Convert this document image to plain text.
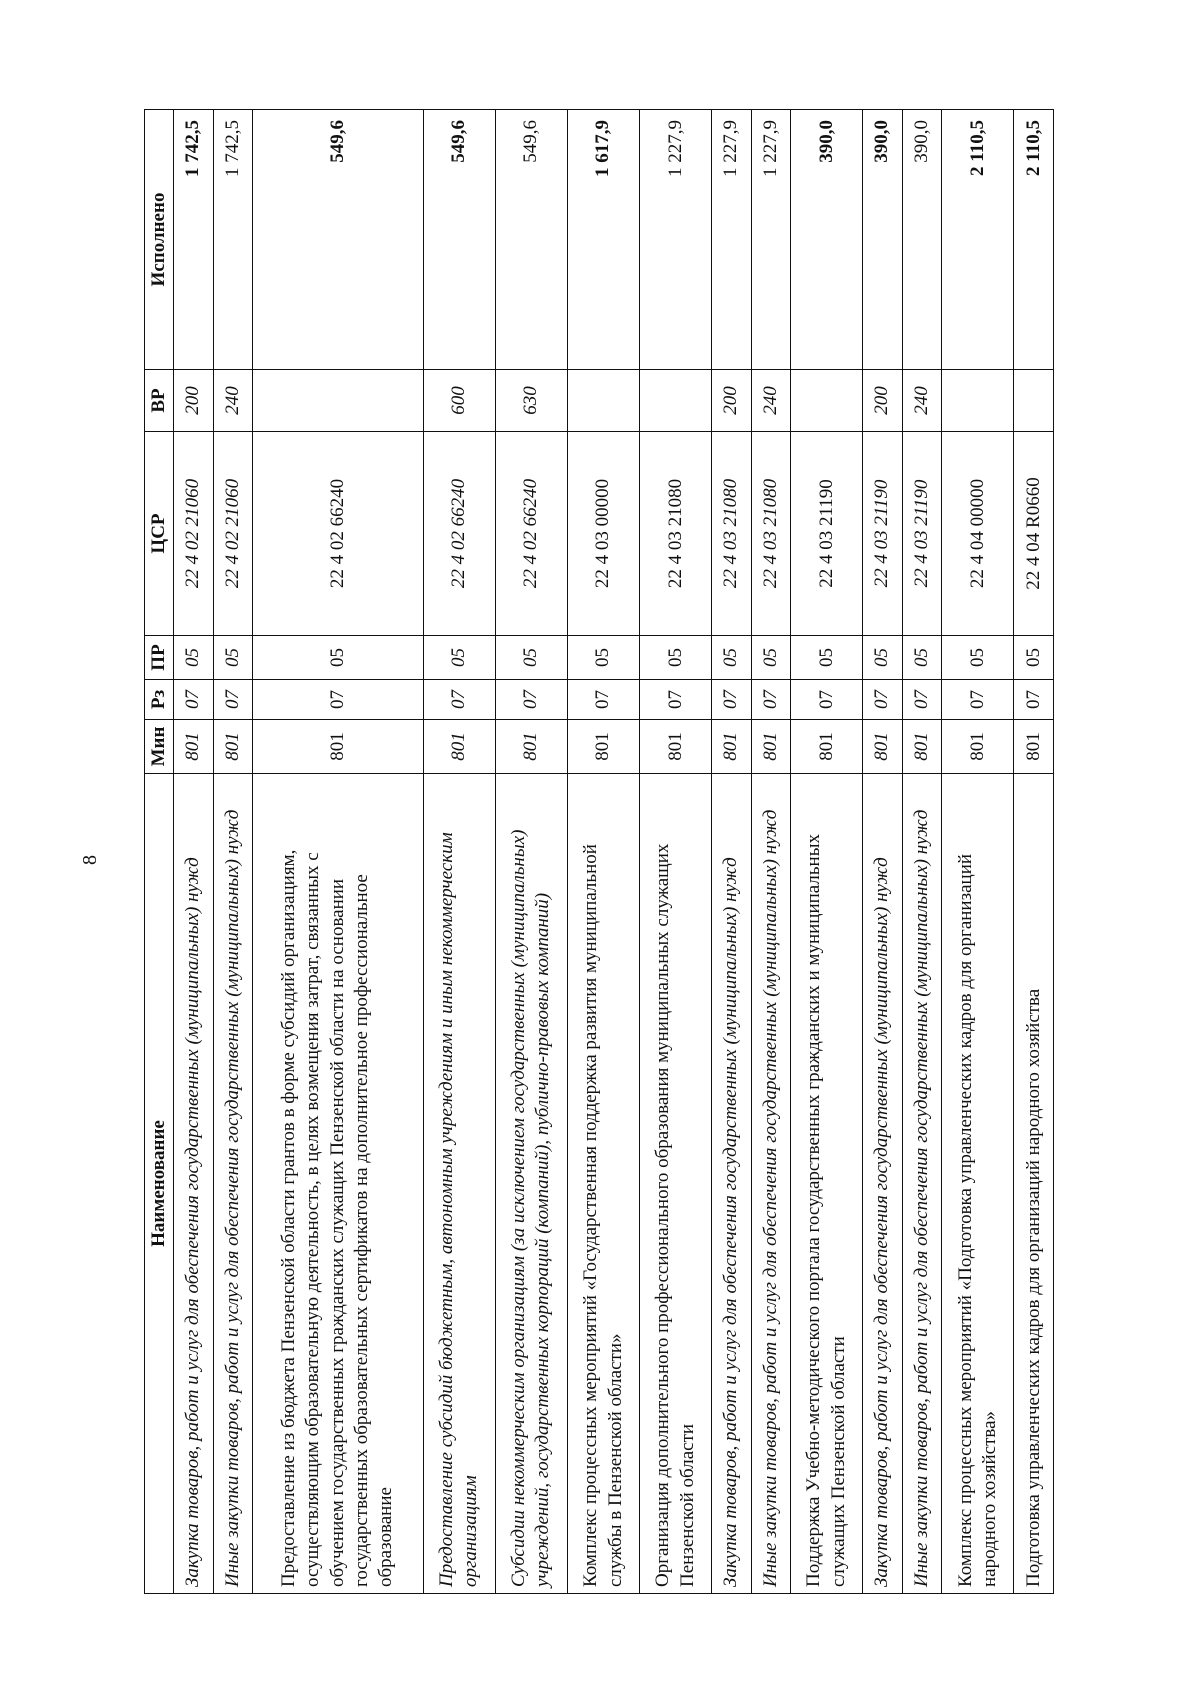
8
Наименование	Мин	Рз	ПР	ЦСР	ВР	Исполнено
Закупка товаров, работ и услуг для обеспечения государственных (муниципальных) нужд	801	07	05	22 4 02 21060	200	1 742,5
Иные закупки товаров, работ и услуг для обеспечения государственных (муниципальных) нужд	801	07	05	22 4 02 21060	240	1 742,5
Предоставление из бюджета Пензенской области грантов в форме субсидий организациям, осуществляющим образовательную деятельность, в целях возмещения затрат, связанных с обучением государственных гражданских служащих Пензенской области на основании государственных образовательных сертификатов на дополнительное профессиональное образование	801	07	05	22 4 02 66240		549,6
Предоставление субсидий бюджетным, автономным учреждениям и иным некоммерческим организациям	801	07	05	22 4 02 66240	600	549,6
Субсидии некоммерческим организациям (за исключением государственных (муниципальных) учреждений, государственных корпораций (компаний), публично-правовых компаний)	801	07	05	22 4 02 66240	630	549,6
Комплекс процессных мероприятий «Государственная поддержка развития муниципальной службы в Пензенской области»	801	07	05	22 4 03 00000		1 617,9
Организация дополнительного профессионального образования муниципальных служащих Пензенской области	801	07	05	22 4 03 21080		1 227,9
Закупка товаров, работ и услуг для обеспечения государственных (муниципальных) нужд	801	07	05	22 4 03 21080	200	1 227,9
Иные закупки товаров, работ и услуг для обеспечения государственных (муниципальных) нужд	801	07	05	22 4 03 21080	240	1 227,9
Поддержка Учебно-методического портала государственных гражданских и муниципальных служащих Пензенской области	801	07	05	22 4 03 21190		390,0
Закупка товаров, работ и услуг для обеспечения государственных (муниципальных) нужд	801	07	05	22 4 03 21190	200	390,0
Иные закупки товаров, работ и услуг для обеспечения государственных (муниципальных) нужд	801	07	05	22 4 03 21190	240	390,0
Комплекс процессных мероприятий «Подготовка управленческих кадров для организаций народного хозяйства»	801	07	05	22 4 04 00000		2 110,5
Подготовка управленческих кадров для организаций народного хозяйства	801	07	05	22 4 04 R0660		2 110,5
